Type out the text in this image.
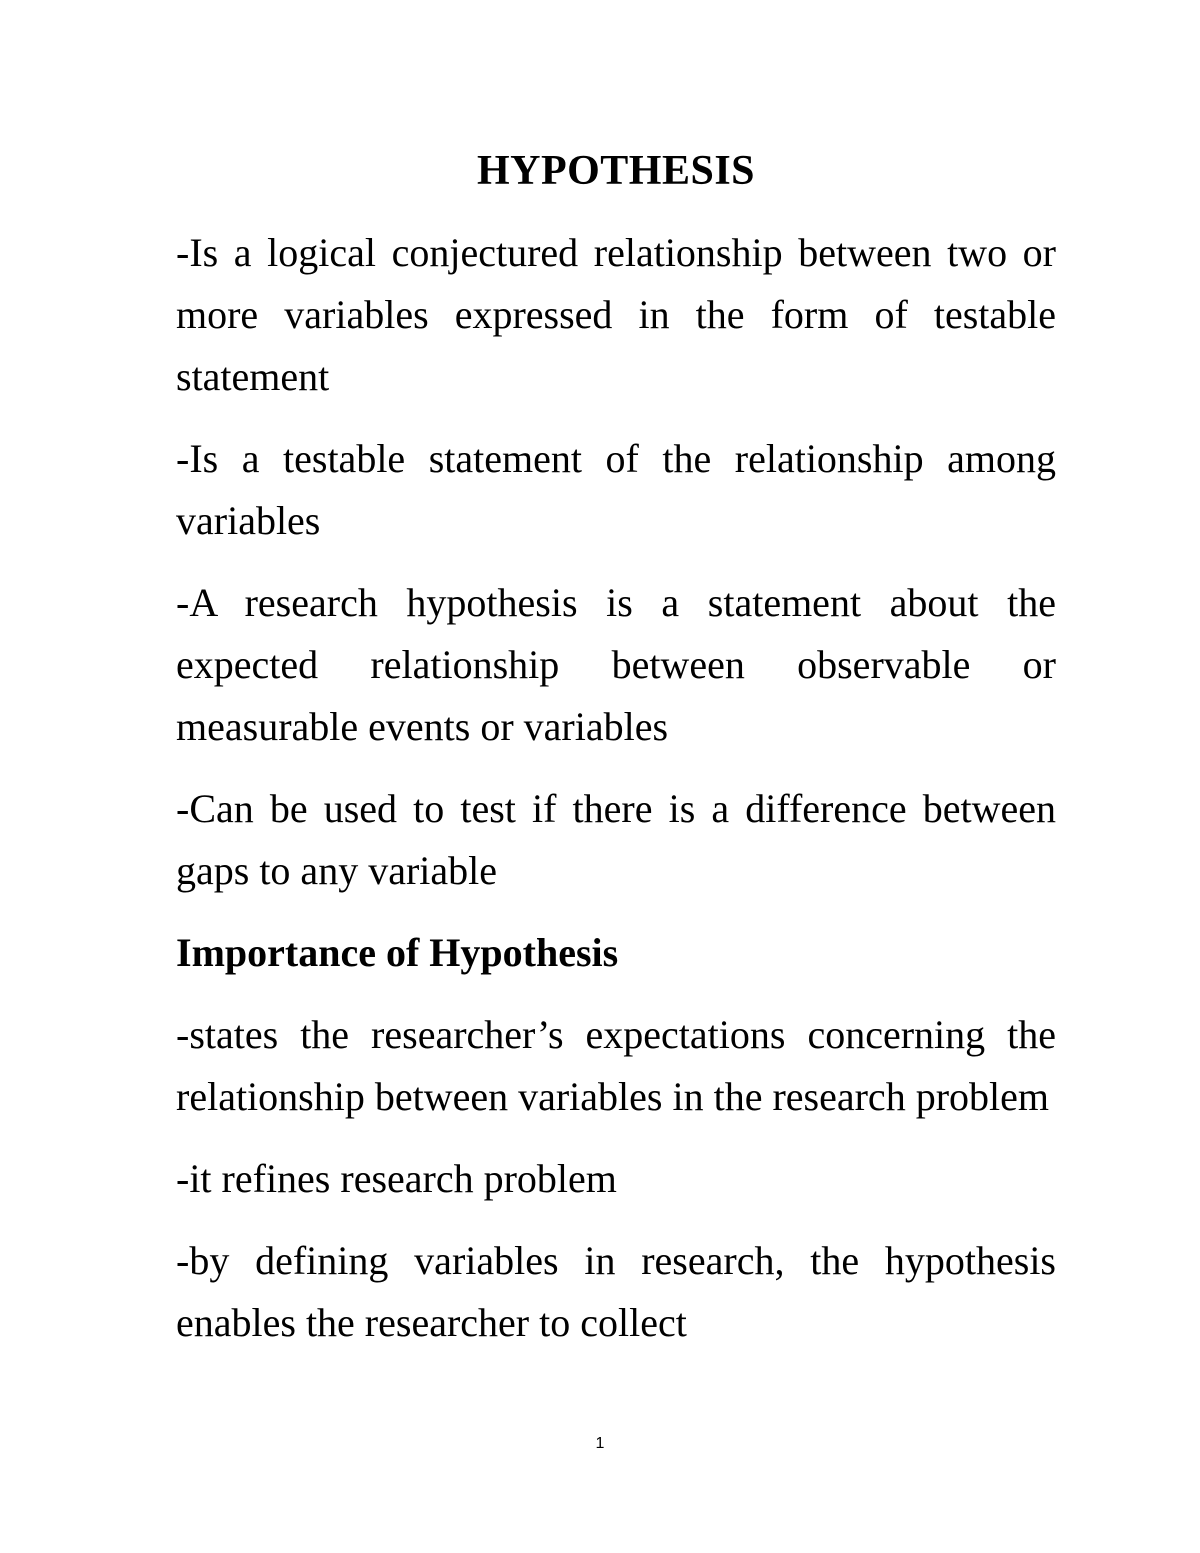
HYPOTHESIS

-Is a logical conjectured relationship between two or more variables expressed in the form of testable statement

-Is a testable statement of the relationship among variables

-A research hypothesis is a statement about the expected relationship between observable or measurable events or variables

-Can be used to test if there is a difference between gaps to any variable

Importance of Hypothesis

-states the researcher’s expectations concerning the relationship between variables in the research problem

-it refines research problem

-by defining variables in research, the hypothesis enables the researcher to collect

1
